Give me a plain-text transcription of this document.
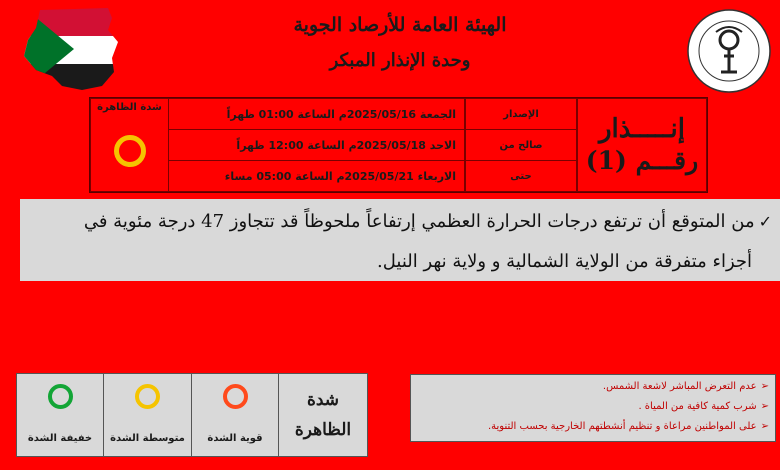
الهيئة العامة للأرصاد الجوية
وحدة الإنذار المبكر
إنـــــذار
رقـــم (1)
الإصدار
صالح من
حتى
الجمعة 2025/05/16م الساعة 01:00 ظهراً
الاحد 2025/05/18م الساعة 12:00 ظهراً
الاربعاء 2025/05/21م الساعة 05:00 مساء
شدة الظاهرة
✓من المتوقع أن ترتفع درجات الحرارة العظمي إرتفاعاً ملحوظاً قد تتجاوز 47 درجة مئوية في
أجزاء متفرقة من الولاية الشمالية و ولاية نهر النيل.
خفيفة الشدة متوسطة الشدة قوية الشدة
شدة
الظاهرة
➢عدم التعرض المباشر لاشعة الشمس.
➢شرب كمية كافية من المياة .
➢على المواطنين مراعاة و تنظيم أنشطتهم الخارجية بحسب التنوية.
